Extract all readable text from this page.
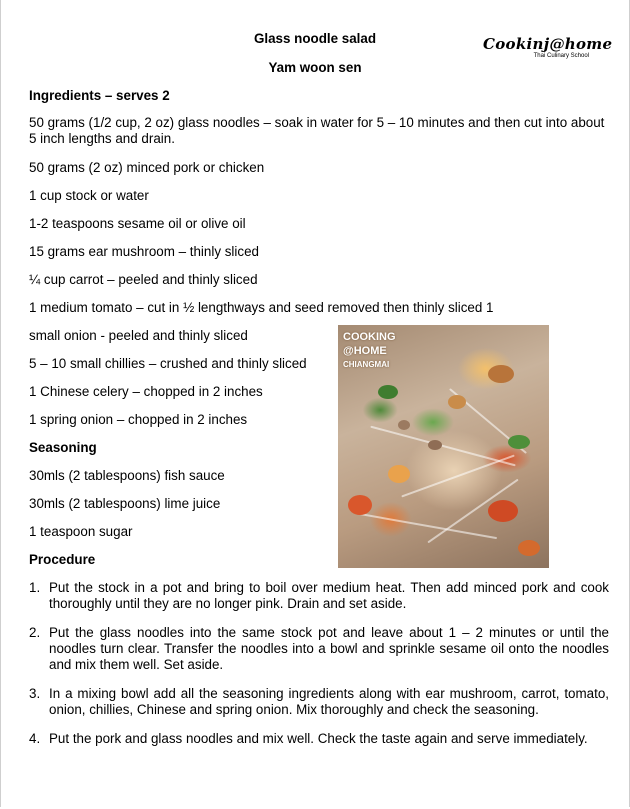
Glass noodle salad
Yam woon sen
Cookinj@home
Thai Culinary School
Ingredients – serves 2
50 grams (1/2 cup, 2 oz) glass noodles – soak in water for 5 – 10 minutes and then cut into about 5 inch lengths and drain.
50 grams (2 oz) minced pork or chicken
1 cup stock or water
1-2 teaspoons sesame oil or olive oil
15 grams ear mushroom – thinly sliced
¼ cup carrot – peeled and thinly sliced
1 medium tomato – cut in ½ lengthways and seed removed then thinly sliced 1
small onion - peeled and thinly sliced
5 – 10 small chillies – crushed and thinly sliced
1 Chinese celery – chopped in 2 inches
1 spring onion – chopped in 2 inches
Seasoning
30mls (2 tablespoons) fish sauce
30mls (2 tablespoons) lime juice
1 teaspoon sugar
COOKING
@HOME
CHIANGMAI
Procedure
1. Put the stock in a pot and bring to boil over medium heat. Then add minced pork and cook thoroughly until they are no longer pink. Drain and set aside.
2. Put the glass noodles into the same stock pot and leave about 1 – 2 minutes or until the noodles turn clear. Transfer the noodles into a bowl and sprinkle sesame oil onto the noodles and mix them well. Set aside.
3. In a mixing bowl add all the seasoning ingredients along with ear mushroom, carrot, tomato, onion, chillies, Chinese and spring onion. Mix thoroughly and check the seasoning.
4. Put the pork and glass noodles and mix well. Check the taste again and serve immediately.
